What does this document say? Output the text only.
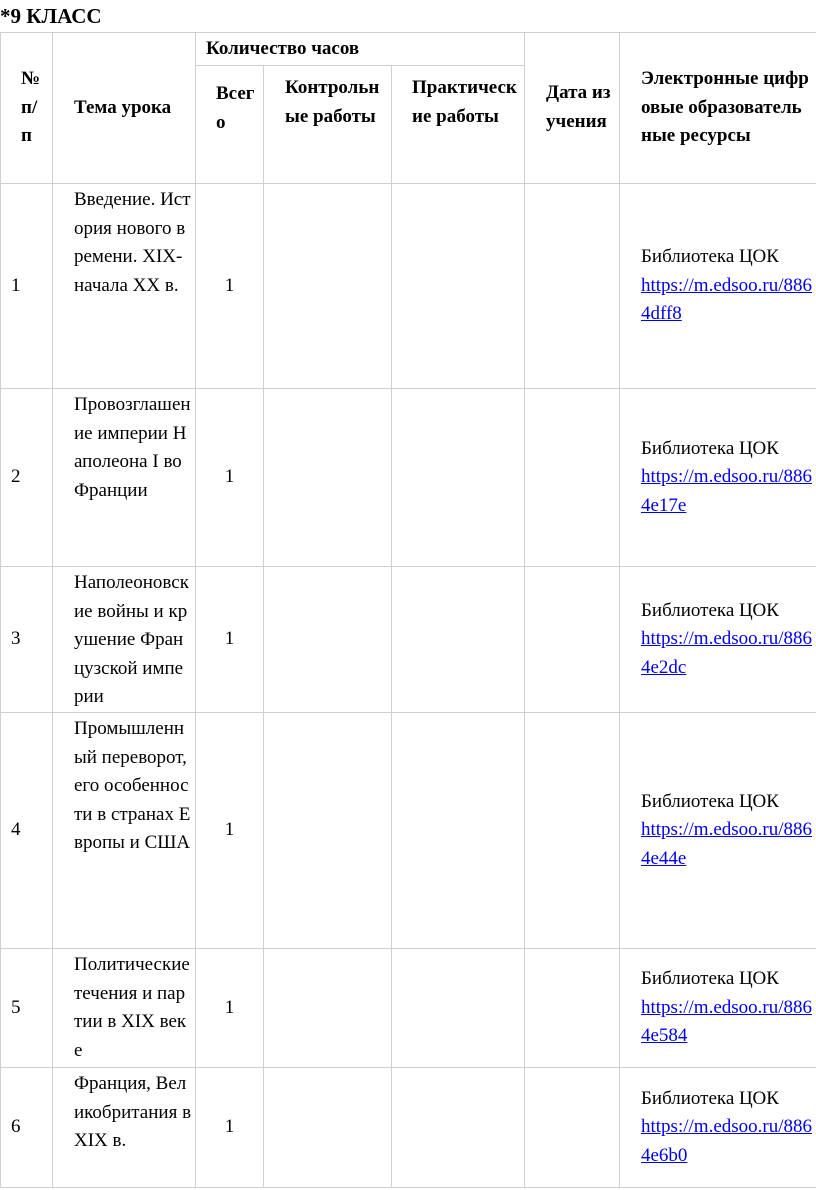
*9 КЛАСС
№ п/п	Тема урока	Количество часов			Дата изучения	Электронные цифровые образовательные ресурсы
		Всего	Контрольные работы	Практические работы		
1	Введение. История нового времени. XIX- начала XX в.	1				Библиотека ЦОК
https://m.edsoo.ru/8864dff8
2	Провозглашение империи Наполеона I во Франции	1				Библиотека ЦОК
https://m.edsoo.ru/8864e17e
3	Наполеоновские войны и крушение Французской империи	1				Библиотека ЦОК
https://m.edsoo.ru/8864e2dc
4	Промышленный переворот, его особенности в странах Европы и США	1				Библиотека ЦОК
https://m.edsoo.ru/8864e44e
5	Политические течения и партии в XIX веке	1				Библиотека ЦОК
https://m.edsoo.ru/8864e584
6	Франция, Великобритания в XIX в.	1				Библиотека ЦОК
https://m.edsoo.ru/8864e6b0
